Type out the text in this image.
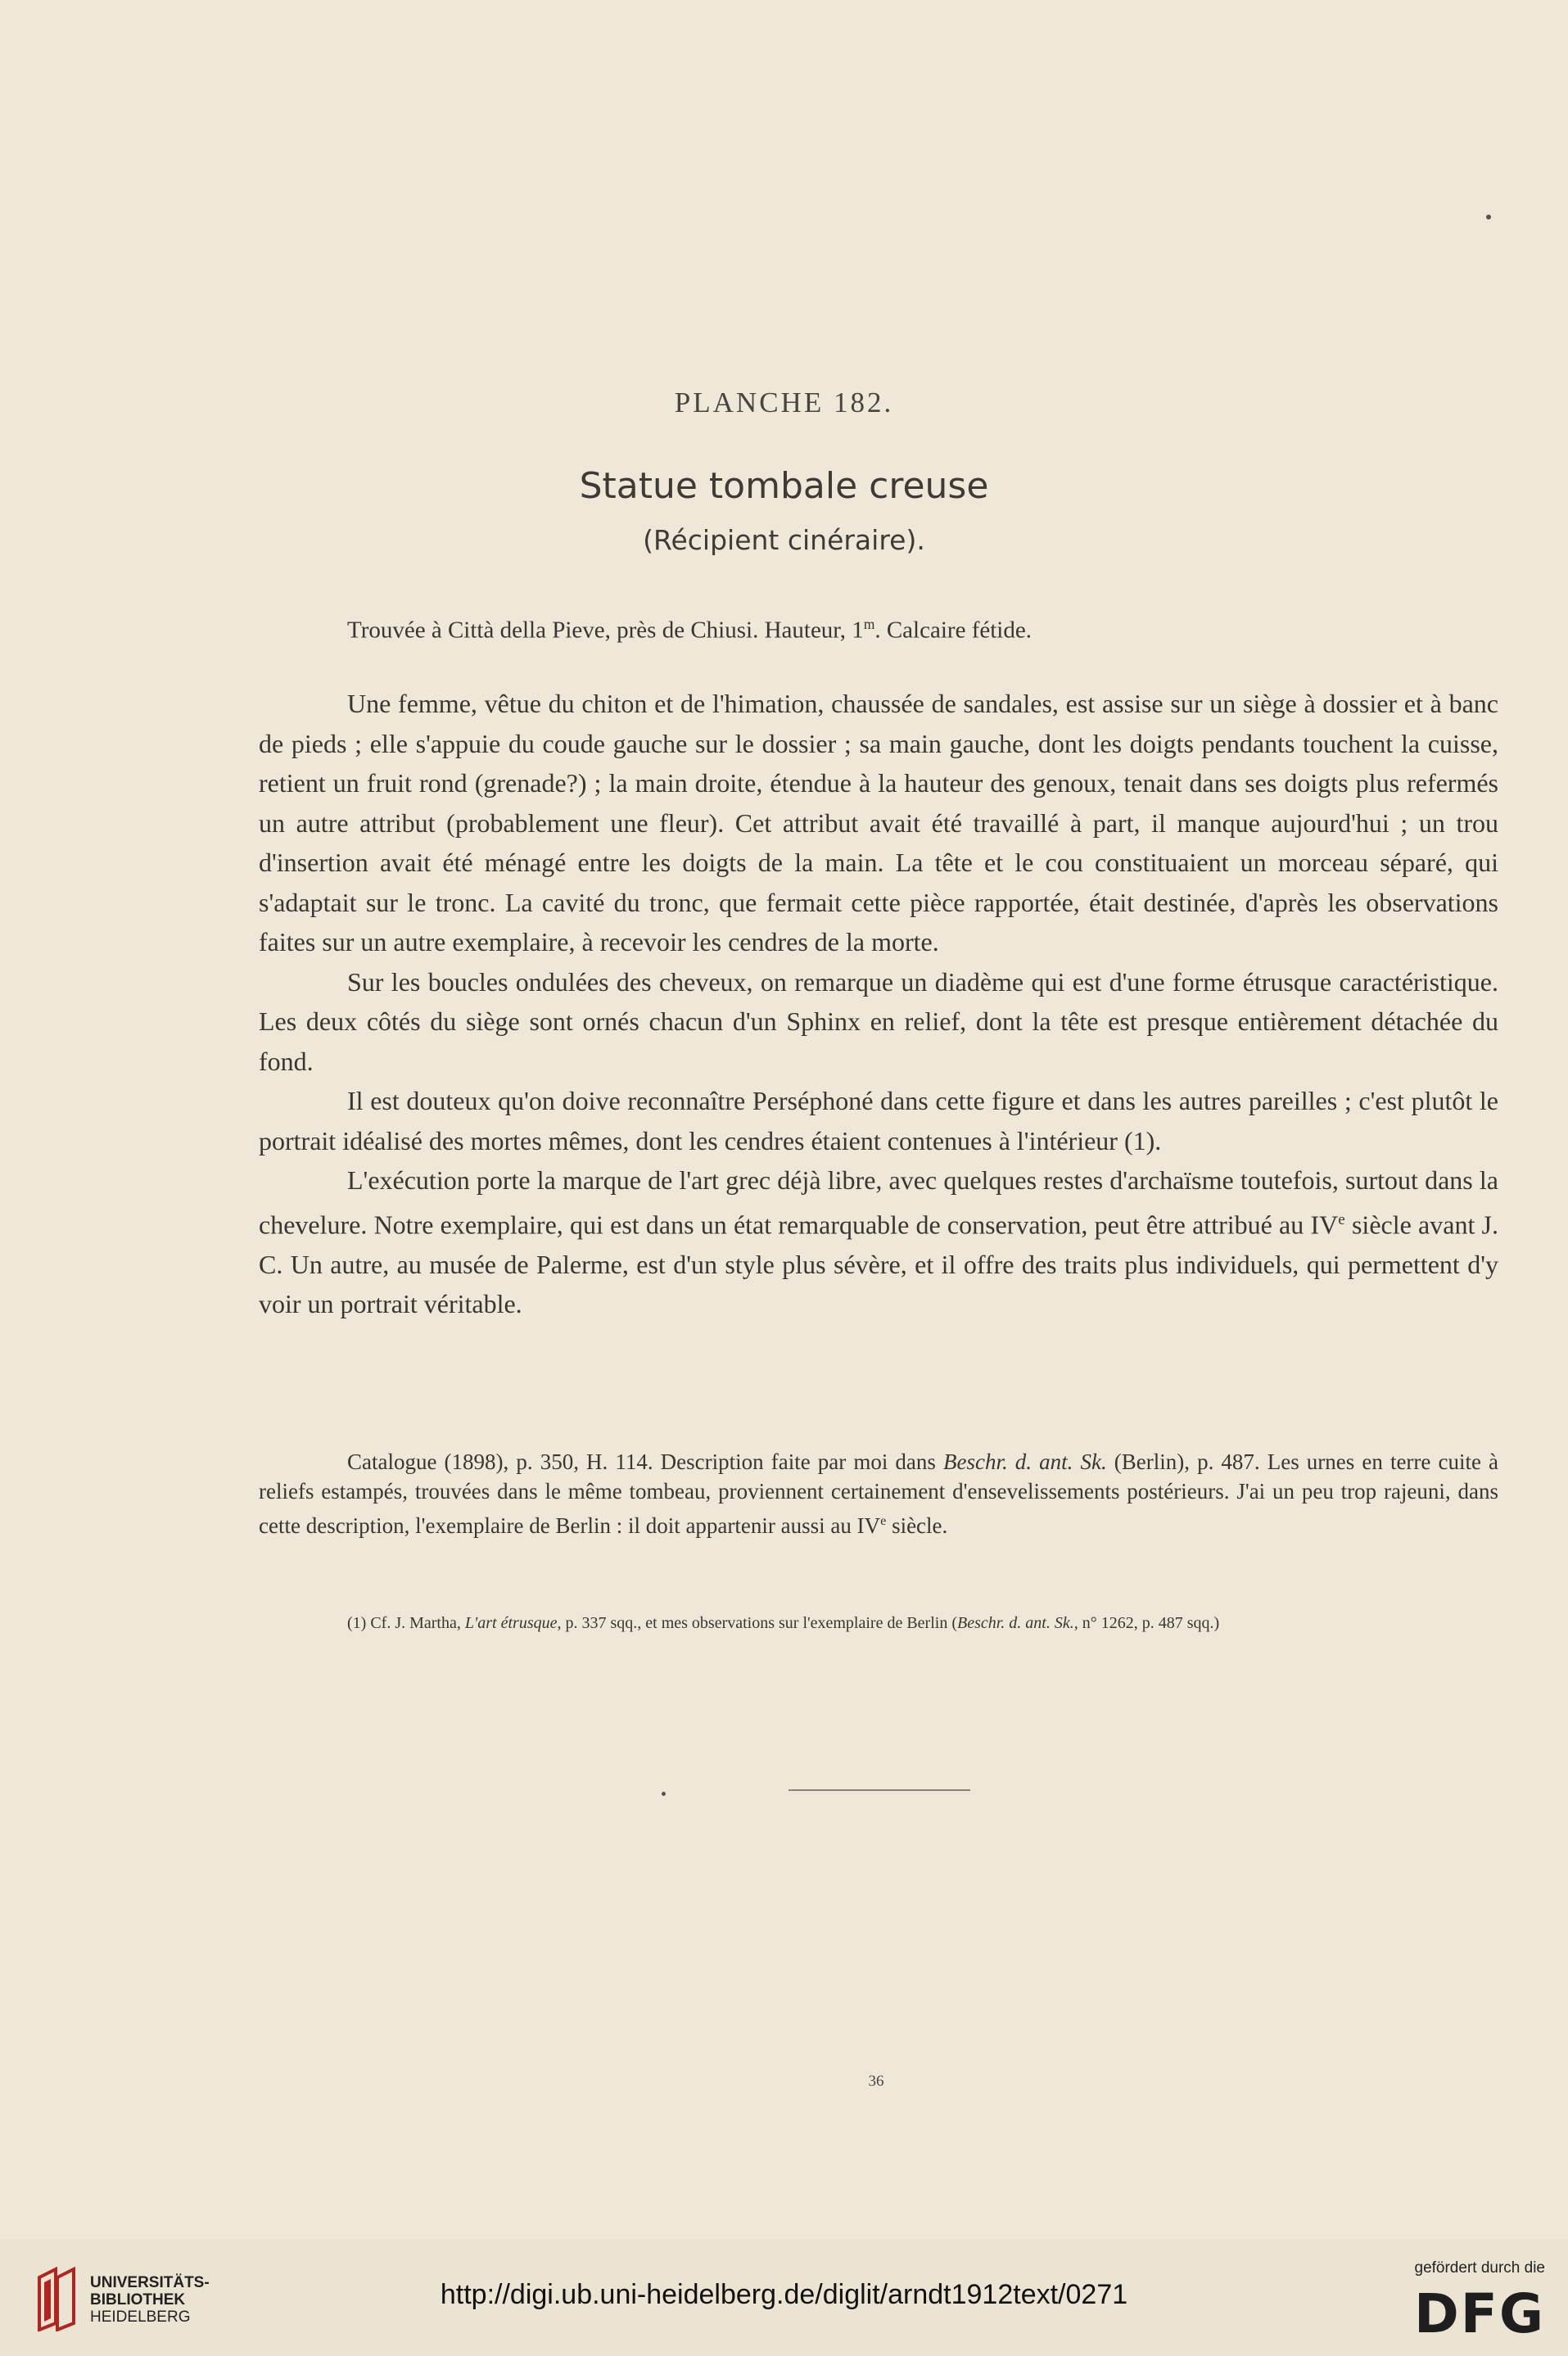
PLANCHE 182.
Statue tombale creuse
(Récipient cinéraire).
Trouvée à Città della Pieve, près de Chiusi. Hauteur, 1$^m$. Calcaire fétide.

Une femme, vêtue du chiton et de l'himation, chaussée de sandales, est assise sur un siège à dossier et à banc de pieds ; elle s'appuie du coude gauche sur le dossier ; sa main gauche, dont les doigts pendants touchent la cuisse, retient un fruit rond (grenade?) ; la main droite, étendue à la hauteur des genoux, tenait dans ses doigts plus refermés un autre attribut (probablement une fleur). Cet attribut avait été travaillé à part, il manque aujourd'hui ; un trou d'insertion avait été ménagé entre les doigts de la main. La tête et le cou constituaient un morceau séparé, qui s'adaptait sur le tronc. La cavité du tronc, que fermait cette pièce rapportée, était destinée, d'après les observations faites sur un autre exemplaire, à recevoir les cendres de la morte.

Sur les boucles ondulées des cheveux, on remarque un diadème qui est d'une forme étrusque caractéristique. Les deux côtés du siège sont ornés chacun d'un Sphinx en relief, dont la tête est presque entièrement détachée du fond.

Il est douteux qu'on doive reconnaître Perséphoné dans cette figure et dans les autres pareilles ; c'est plutôt le portrait idéalisé des mortes mêmes, dont les cendres étaient contenues à l'intérieur (1).

L'exécution porte la marque de l'art grec déjà libre, avec quelques restes d'archaïsme toutefois, surtout dans la chevelure. Notre exemplaire, qui est dans un état remarquable de conservation, peut être attribué au IVe siècle avant J. C. Un autre, au musée de Palerme, est d'un style plus sévère, et il offre des traits plus individuels, qui permettent d'y voir un portrait véritable.

Catalogue (1898), p. 350, H. 114. Description faite par moi dans Beschr. d. ant. Sk. (Berlin), p. 487. Les urnes en terre cuite à reliefs estampés, trouvées dans le même tombeau, proviennent certainement d'ensevelissements postérieurs. J'ai un peu trop rajeuni, dans cette description, l'exemplaire de Berlin : il doit appartenir aussi au IVe siècle.
(1) Cf. J. Martha, L'art étrusque, p. 337 sqq., et mes observations sur l'exemplaire de Berlin (Beschr. d. ant. Sk., n° 1262, p. 487 sqq.)
36
UNIVERSITÄTS-
BIBLIOTHEK
HEIDELBERG
http://digi.ub.uni-heidelberg.de/diglit/arndt1912text/0271
gefördert durch die
DFG
